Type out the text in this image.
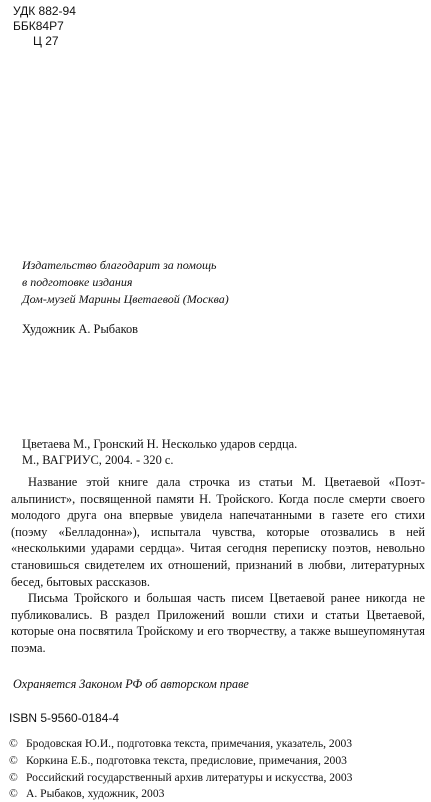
УДК 882-94
ББК84Р7
Ц 27
Издательство благодарит за помощь
в подготовке издания
Дом-музей Марины Цветаевой (Москва)
Художник А. Рыбаков
Цветаева М., Гронский Н. Несколько ударов сердца.
М., ВАГРИУС, 2004. - 320 с.
Название этой книге дала строчка из статьи М. Цветаевой «Поэт-альпинист», посвященной памяти Н. Тройского. Когда после смерти своего молодого друга она впервые увидела напечатанными в газете его стихи (поэму «Белладонна»), испытала чувства, которые отозвались в ней «несколькими ударами сердца». Читая сегодня переписку поэтов, невольно становишься свидетелем их отношений, признаний в любви, литературных бесед, бытовых рассказов.
Письма Тройского и большая часть писем Цветаевой ранее никогда не публиковались. В раздел Приложений вошли стихи и статьи Цветаевой, которые она посвятила Тройскому и его творчеству, а также вышеупомянутая поэма.
Охраняется Законом РФ об авторском праве
ISBN 5-9560-0184-4
© Бродовская Ю.И., подготовка текста, примечания, указатель, 2003
© Коркина Е.Б., подготовка текста, предисловие, примечания, 2003
© Российский государственный архив литературы и искусства, 2003
© А. Рыбаков, художник, 2003
